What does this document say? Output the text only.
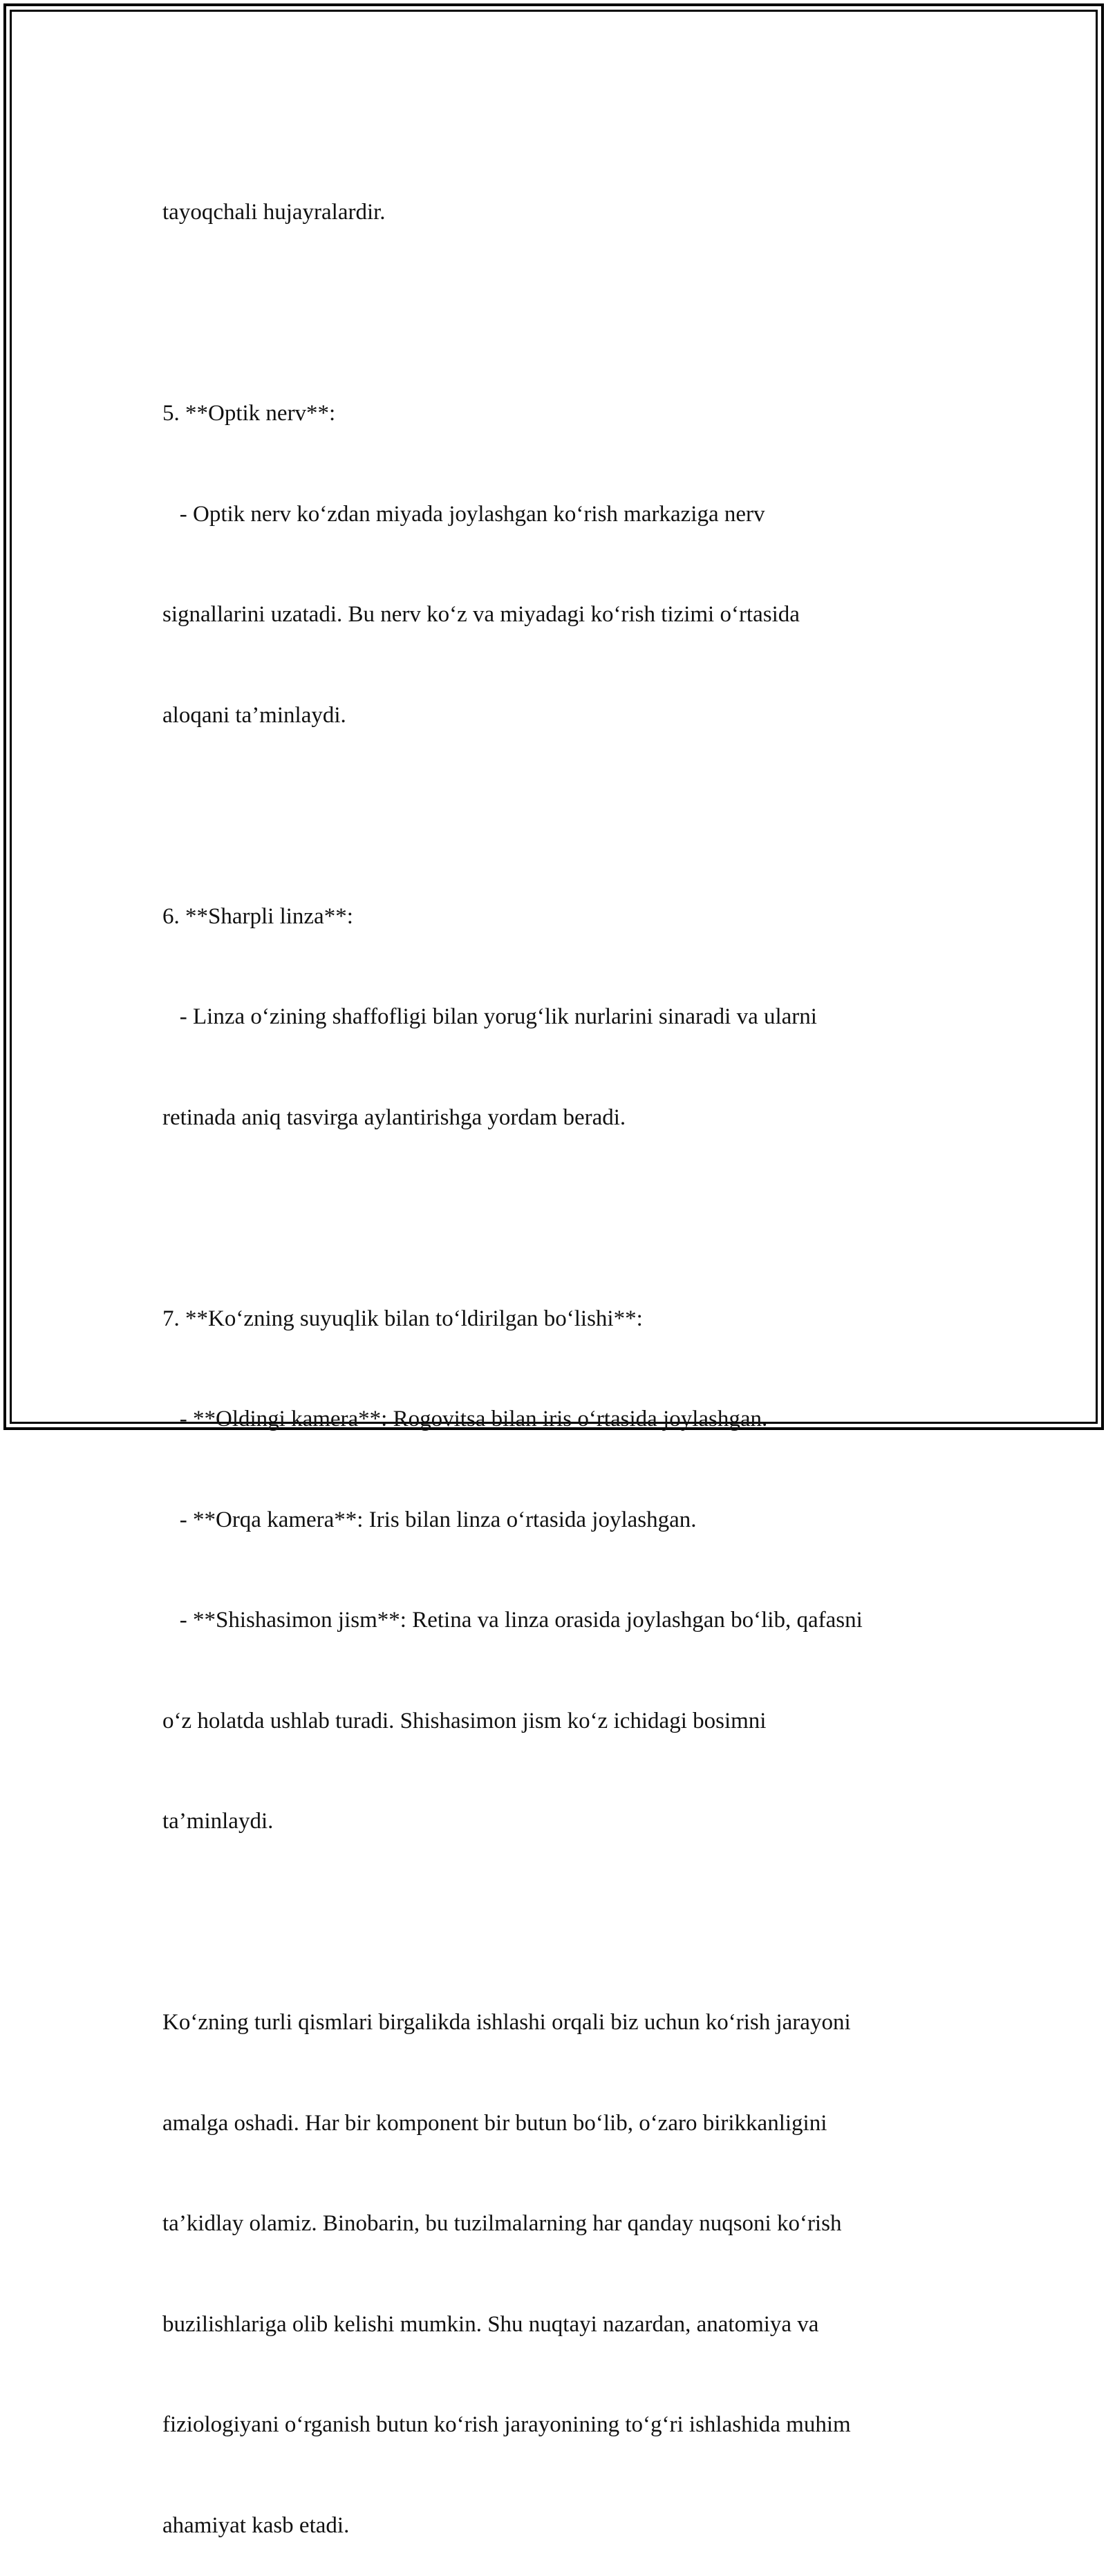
tayoqchali hujayralardir.

5. **Optik nerv**:

- Optik nerv ko‘zdan miyada joylashgan ko‘rish markaziga nerv

signallarini uzatadi. Bu nerv ko‘z va miyadagi ko‘rish tizimi o‘rtasida

aloqani ta’minlaydi.

6. **Sharpli linza**:

- Linza o‘zining shaffofligi bilan yorug‘lik nurlarini sinaradi va ularni

retinada aniq tasvirga aylantirishga yordam beradi.

7. **Ko‘zning suyuqlik bilan to‘ldirilgan bo‘lishi**:

- **Oldingi kamera**: Rogovitsa bilan iris o‘rtasida joylashgan.

- **Orqa kamera**: Iris bilan linza o‘rtasida joylashgan.

- **Shishasimon jism**: Retina va linza orasida joylashgan bo‘lib, qafasni

o‘z holatda ushlab turadi. Shishasimon jism ko‘z ichidagi bosimni

ta’minlaydi.

Ko‘zning turli qismlari birgalikda ishlashi orqali biz uchun ko‘rish jarayoni

amalga oshadi. Har bir komponent bir butun bo‘lib, o‘zaro birikkanligini

ta’kidlay olamiz. Binobarin, bu tuzilmalarning har qanday nuqsoni ko‘rish

buzilishlariga olib kelishi mumkin. Shu nuqtayi nazardan, anatomiya va

fiziologiyani o‘rganish butun ko‘rish jarayonining to‘g‘ri ishlashida muhim

ahamiyat kasb etadi.
